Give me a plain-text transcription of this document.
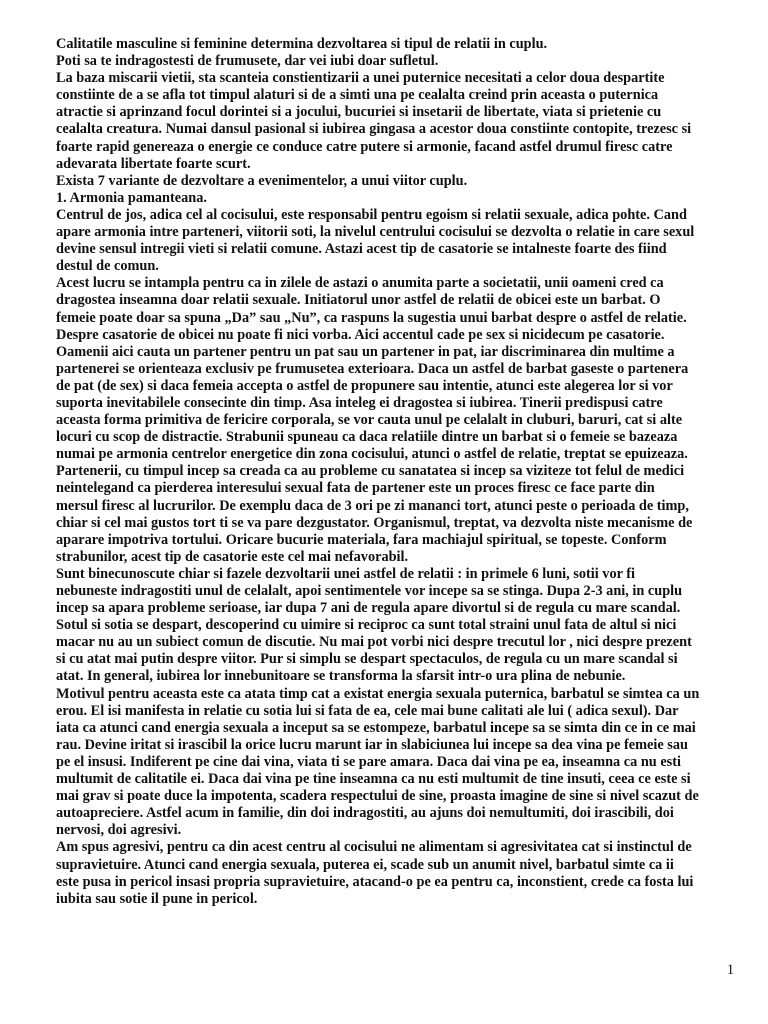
Calitatile masculine si feminine determina dezvoltarea si tipul de relatii in cuplu.

Poti sa te indragostesti de frumusete, dar vei iubi doar sufletul.

La baza miscarii vietii, sta scanteia constientizarii a unei puternice necesitati a celor doua despartite

constiinte de a se afla tot timpul alaturi si de a simti una pe cealalta creind prin aceasta o puternica

atractie si aprinzand focul dorintei si a jocului, bucuriei si insetarii de libertate, viata si prietenie cu

cealalta creatura. Numai dansul pasional si iubirea gingasa a acestor doua constiinte contopite, trezesc si

foarte rapid genereaza o energie ce conduce catre putere si armonie, facand astfel drumul firesc catre

adevarata libertate foarte scurt.

Exista 7 variante de dezvoltare a evenimentelor, a unui viitor cuplu.

1. Armonia pamanteana.

Centrul de jos, adica cel al cocisului, este responsabil pentru egoism si relatii sexuale, adica pohte. Cand

apare armonia intre parteneri, viitorii soti, la nivelul centrului cocisului se dezvolta o relatie in care sexul

devine sensul intregii vieti si relatii comune. Astazi acest tip de casatorie se intalneste foarte des fiind

destul de comun.

Acest lucru se intampla pentru ca in zilele de astazi o anumita parte a societatii, unii oameni cred ca

dragostea inseamna doar relatii sexuale. Initiatorul unor astfel de relatii de obicei este un barbat. O

femeie poate doar sa spuna „Da” sau „Nu”, ca raspuns la sugestia unui barbat despre o astfel de relatie.

Despre casatorie de obicei nu poate fi nici vorba. Aici accentul cade pe sex si nicidecum pe casatorie.

Oamenii aici cauta un partener pentru un pat sau un partener in pat, iar discriminarea din multime a

partenerei se orienteaza exclusiv pe frumusetea exterioara. Daca un astfel de barbat gaseste o partenera

de pat (de sex) si daca femeia accepta o astfel de propunere sau intentie, atunci este alegerea lor si vor

suporta inevitabilele consecinte din timp. Asa inteleg ei dragostea si iubirea. Tinerii predispusi catre

aceasta forma primitiva de fericire corporala, se vor cauta unul pe celalalt in cluburi, baruri, cat si alte

locuri cu scop de distractie. Strabunii spuneau ca daca relatiile dintre un barbat si o femeie se bazeaza

numai pe armonia centrelor energetice din zona cocisului, atunci o astfel de relatie, treptat se epuizeaza.

Partenerii, cu timpul incep sa creada ca au probleme cu sanatatea si incep sa viziteze tot felul de medici

neintelegand ca pierderea interesului sexual fata de partener este un proces firesc ce face parte din

mersul firesc al lucrurilor. De exemplu daca de 3 ori pe zi mananci tort, atunci peste o perioada de timp,

chiar si cel mai gustos tort ti se va pare dezgustator. Organismul, treptat, va dezvolta niste mecanisme de

aparare impotriva tortului. Oricare bucurie materiala, fara machiajul spiritual, se topeste. Conform

strabunilor, acest tip de casatorie este cel mai nefavorabil.

Sunt binecunoscute chiar si fazele dezvoltarii unei astfel de relatii : in primele 6 luni, sotii vor fi

nebuneste indragostiti unul de celalalt, apoi sentimentele vor incepe sa se stinga. Dupa 2-3 ani, in cuplu

incep sa apara probleme serioase, iar dupa 7 ani de regula apare divortul si de regula cu mare scandal.

Sotul si sotia se despart, descoperind cu uimire si reciproc ca sunt total straini unul fata de altul si nici

macar nu au un subiect comun de discutie. Nu mai pot vorbi nici despre trecutul lor , nici despre prezent

si cu atat mai putin despre viitor. Pur si simplu se despart spectaculos, de regula cu un mare scandal si

atat. In general, iubirea lor innebunitoare se transforma la sfarsit intr-o ura plina de nebunie.

Motivul pentru aceasta este ca atata timp cat a existat energia sexuala puternica, barbatul se simtea ca un

erou. El isi manifesta in relatie cu sotia lui si fata de ea, cele mai bune calitati ale lui ( adica sexul). Dar

iata ca atunci cand energia sexuala a inceput sa se estompeze, barbatul incepe sa se simta din ce in ce mai

rau. Devine iritat si irascibil la orice lucru marunt iar in slabiciunea lui incepe sa dea vina pe femeie sau

pe el insusi. Indiferent pe cine dai vina, viata ti se pare amara. Daca dai vina pe ea, inseamna ca nu esti

multumit de calitatile ei. Daca dai vina pe tine inseamna ca nu esti multumit de tine insuti, ceea ce este si

mai grav si poate duce la impotenta, scadera respectului de sine, proasta imagine de sine si nivel scazut de

autoapreciere. Astfel acum in familie, din doi indragostiti, au ajuns doi nemultumiti, doi irascibili, doi

nervosi, doi agresivi.

Am spus agresivi, pentru ca din acest centru al cocisului ne alimentam si agresivitatea cat si instinctul de

supravietuire. Atunci cand energia sexuala, puterea ei, scade sub un anumit nivel, barbatul simte ca ii

este pusa in pericol insasi propria supravietuire, atacand-o pe ea pentru ca, inconstient, crede ca fosta lui

iubita sau sotie il pune in pericol.

1
